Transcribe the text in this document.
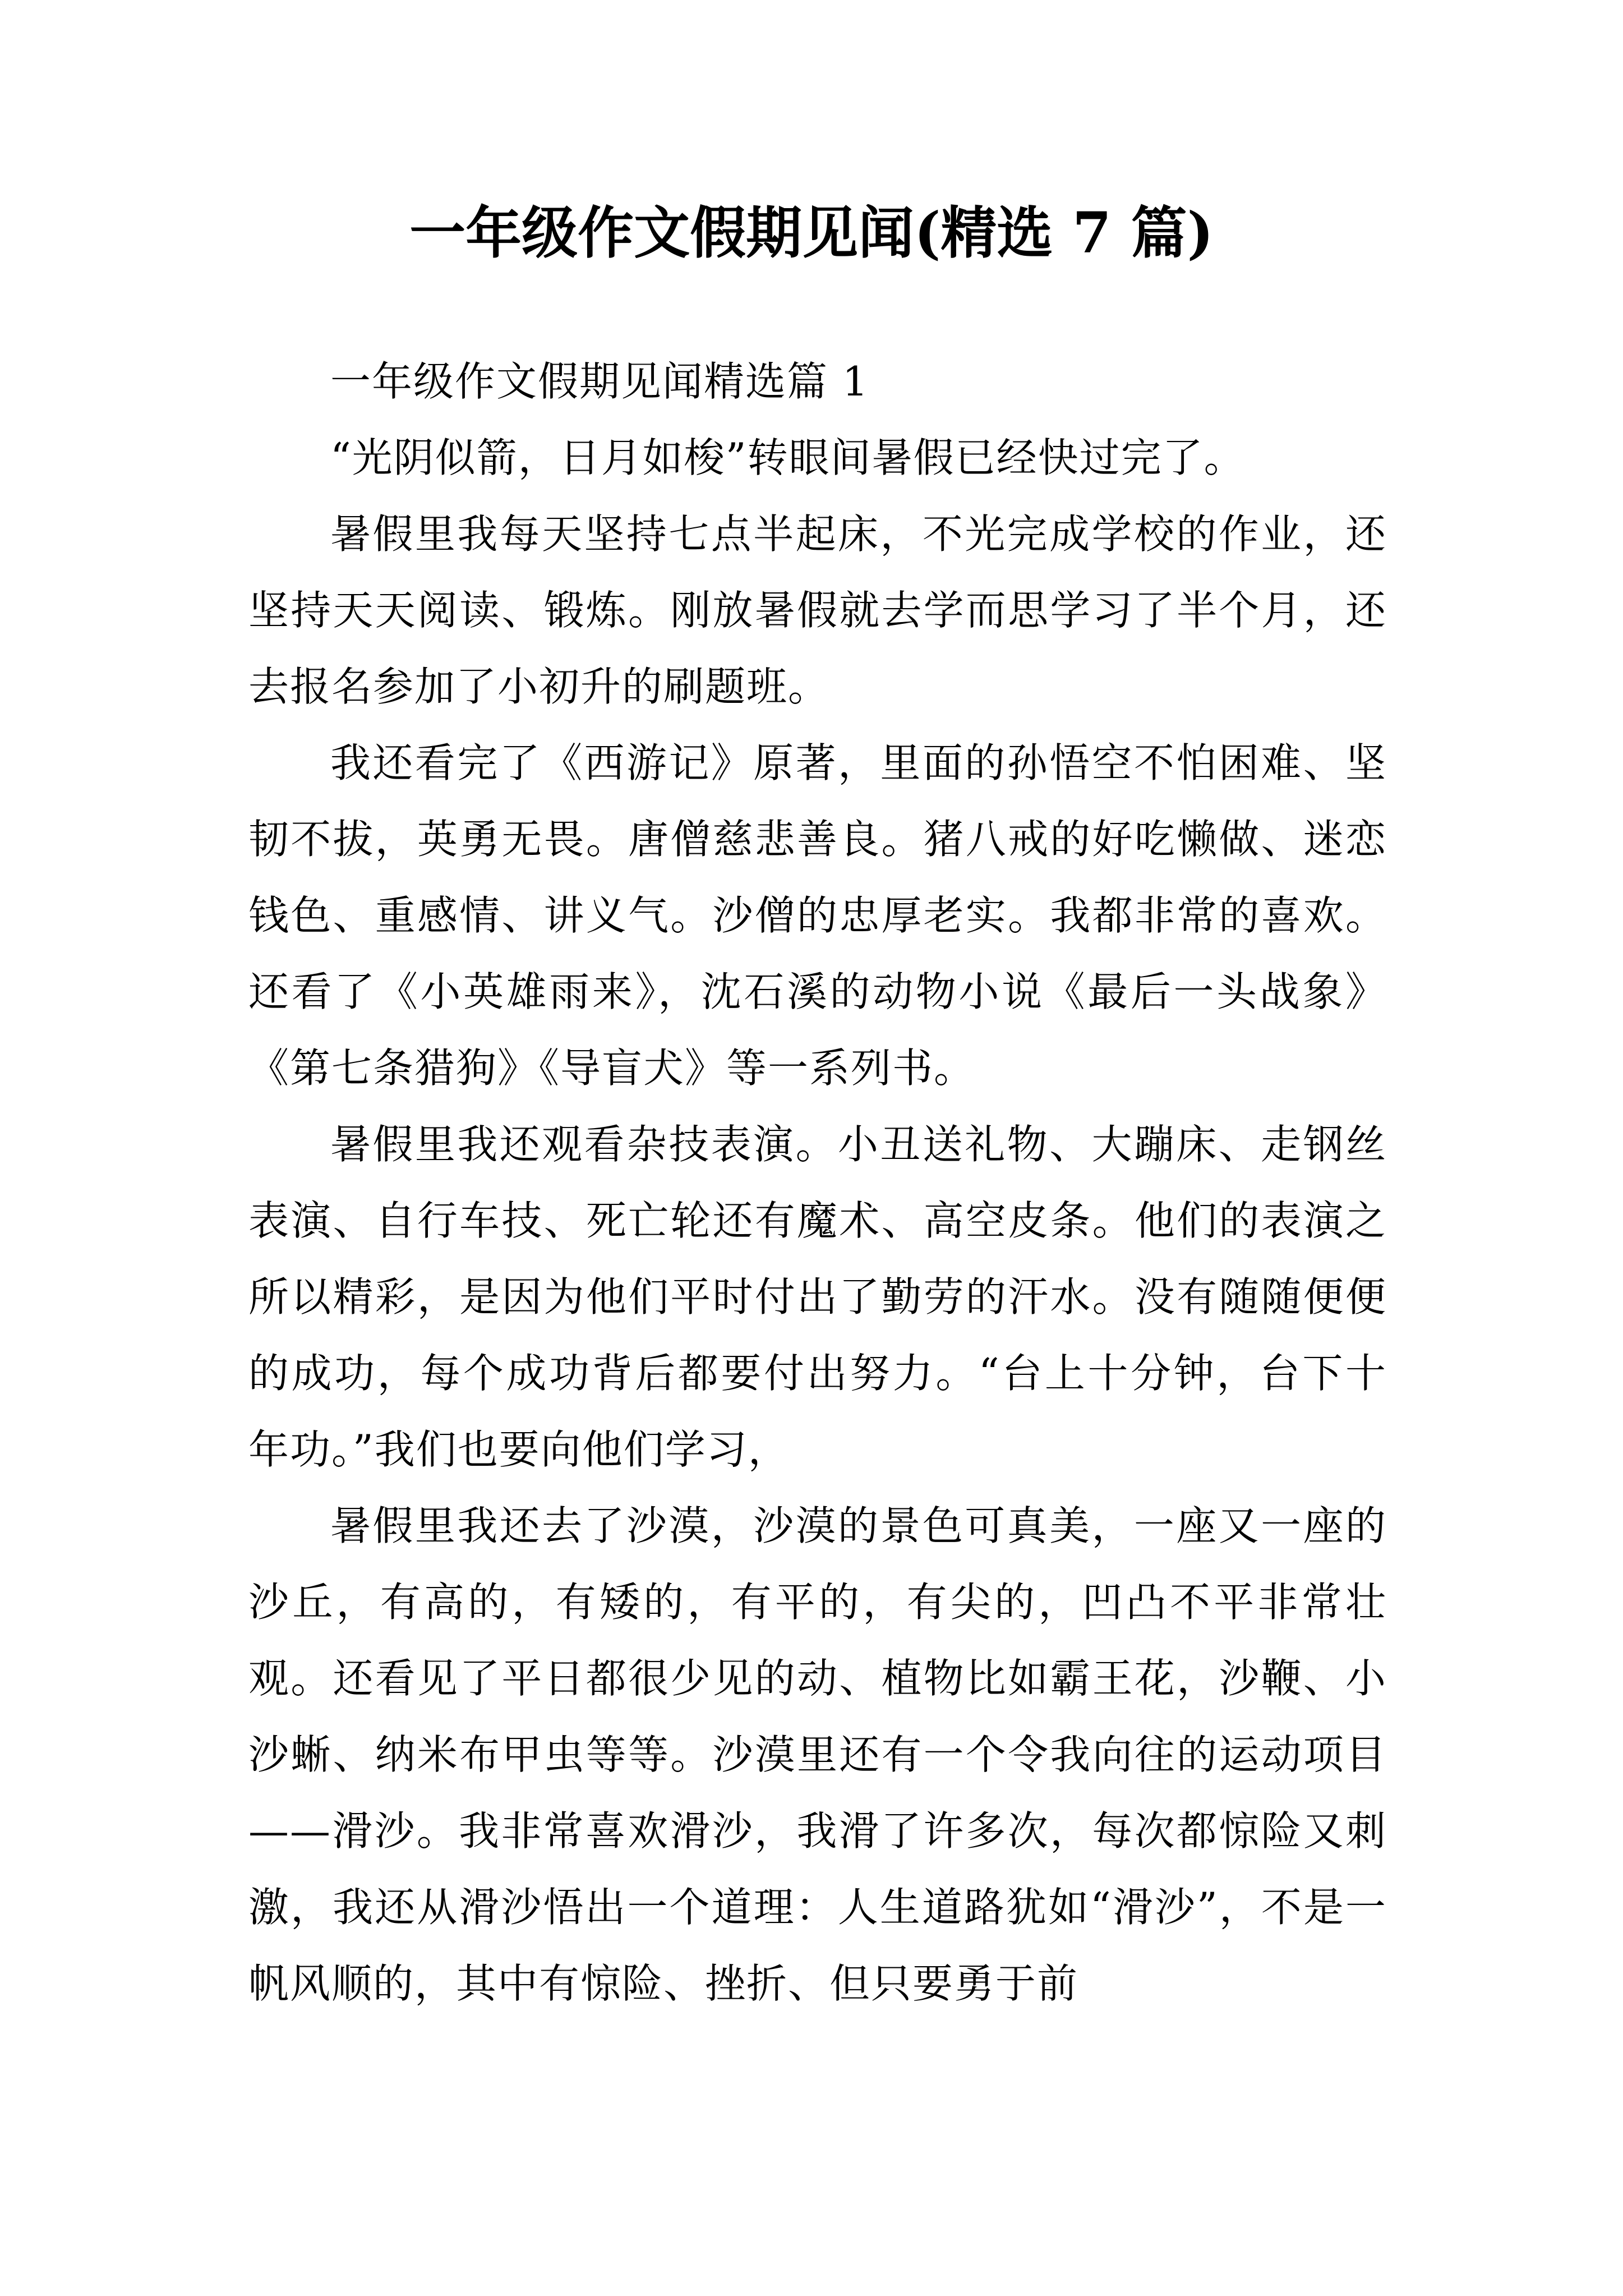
一年级作文假期见闻(精选 7 篇)

一年级作文假期见闻精选篇 1

“光阴似箭，日月如梭”转眼间暑假已经快过完了。

暑假里我每天坚持七点半起床，不光完成学校的作业，还坚持天天阅读、锻炼。刚放暑假就去学而思学习了半个月，还去报名参加了小初升的刷题班。

我还看完了《西游记》原著，里面的孙悟空不怕困难、坚韧不拔，英勇无畏。唐僧慈悲善良。猪八戒的好吃懒做、迷恋钱色、重感情、讲义气。沙僧的忠厚老实。我都非常的喜欢。还看了《小英雄雨来》，沈石溪的动物小说《最后一头战象》《第七条猎狗》《导盲犬》等一系列书。

暑假里我还观看杂技表演。小丑送礼物、大蹦床、走钢丝表演、自行车技、死亡轮还有魔术、高空皮条。他们的表演之所以精彩，是因为他们平时付出了勤劳的汗水。没有随随便便的成功，每个成功背后都要付出努力。“台上十分钟，台下十年功。”我们也要向他们学习，

暑假里我还去了沙漠，沙漠的景色可真美，一座又一座的沙丘，有高的，有矮的，有平的，有尖的，凹凸不平非常壮观。还看见了平日都很少见的动、植物比如霸王花，沙鞭、小沙蜥、纳米布甲虫等等。沙漠里还有一个令我向往的运动项目——滑沙。我非常喜欢滑沙，我滑了许多次，每次都惊险又刺激，我还从滑沙悟出一个道理：人生道路犹如“滑沙”，不是一帆风顺的，其中有惊险、挫折、但只要勇于前
